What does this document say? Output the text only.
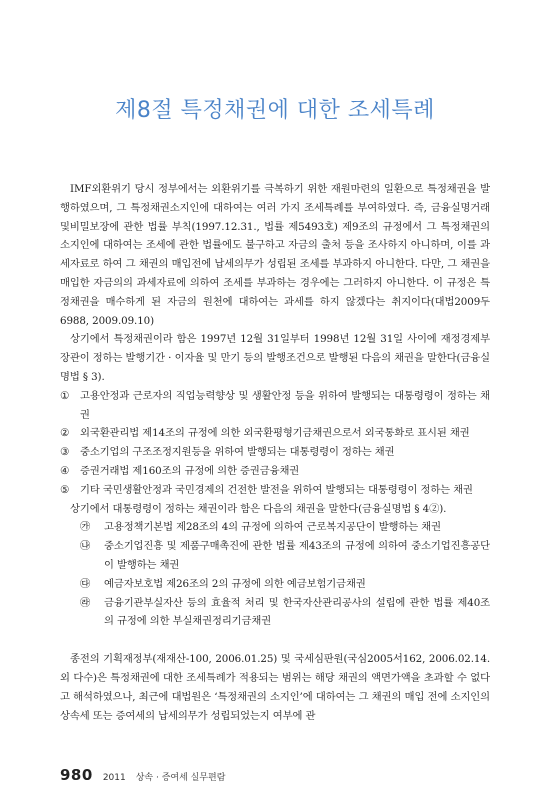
제8절 특정채권에 대한 조세특례

IMF외환위기 당시 정부에서는 외환위기를 극복하기 위한 재원마련의 일환으로 특정채권을 발행하였으며, 그 특정채권소지인에 대하여는 여러 가지 조세특례를 부여하였다. 즉, 금융실명거래및비밀보장에 관한 법률 부칙(1997.12.31., 법률 제5493호) 제9조의 규정에서 그 특정채권의 소지인에 대하여는 조세에 관한 법률에도 불구하고 자금의 출처 등을 조사하지 아니하며, 이를 과세자료로 하여 그 채권의 매입전에 납세의무가 성립된 조세를 부과하지 아니한다. 다만, 그 채권을 매입한 자금의의 과세자료에 의하여 조세를 부과하는 경우에는 그러하지 아니한다. 이 규정은 특정채권을 매수하게 된 자금의 원천에 대하여는 과세를 하지 않겠다는 취지이다(대법2009두6988, 2009.09.10)

상기에서 특정채권이라 함은 1997년 12월 31일부터 1998년 12월 31일 사이에 재정경제부장관이 정하는 발행기간 · 이자율 및 만기 등의 발행조건으로 발행된 다음의 채권을 말한다(금융실명법 § 3).

① 고용안정과 근로자의 직업능력향상 및 생활안정 등을 위하여 발행되는 대통령령이 정하는 채권
② 외국환관리법 제14조의 규정에 의한 외국환평형기금채권으로서 외국통화로 표시된 채권
③ 중소기업의 구조조정지원등을 위하여 발행되는 대통령령이 정하는 채권
④ 증권거래법 제160조의 규정에 의한 증권금융채권
⑤ 기타 국민생활안정과 국민경제의 건전한 발전을 위하여 발행되는 대통령령이 정하는 채권

상기에서 대통령령이 정하는 채권이라 함은 다음의 채권을 말한다(금융실명법 § 4②).

㉮ 고용정책기본법 제28조의 4의 규정에 의하여 근로복지공단이 발행하는 채권
㉯ 중소기업진흥 및 제품구매촉진에 관한 법률 제43조의 규정에 의하여 중소기업진흥공단이 발행하는 채권
㉰ 예금자보호법 제26조의 2의 규정에 의한 예금보험기금채권
㉱ 금융기관부실자산 등의 효율적 처리 및 한국자산관리공사의 설립에 관한 법률 제40조의 규정에 의한 부실채권정리기금채권

종전의 기획재정부(재재산-100, 2006.01.25) 및 국세심판원(국심2005서162, 2006.02.14.외 다수)은 특정채권에 대한 조세특례가 적용되는 범위는 해당 채권의 액면가액을 초과할 수 없다고 해석하였으나, 최근에 대법원은 ‘특정채권의 소지인’에 대하여는 그 채권의 매입 전에 소지인의 상속세 또는 증여세의 납세의무가 성립되었는지 여부에 관

980 2011 상속 · 증여세 실무편람
